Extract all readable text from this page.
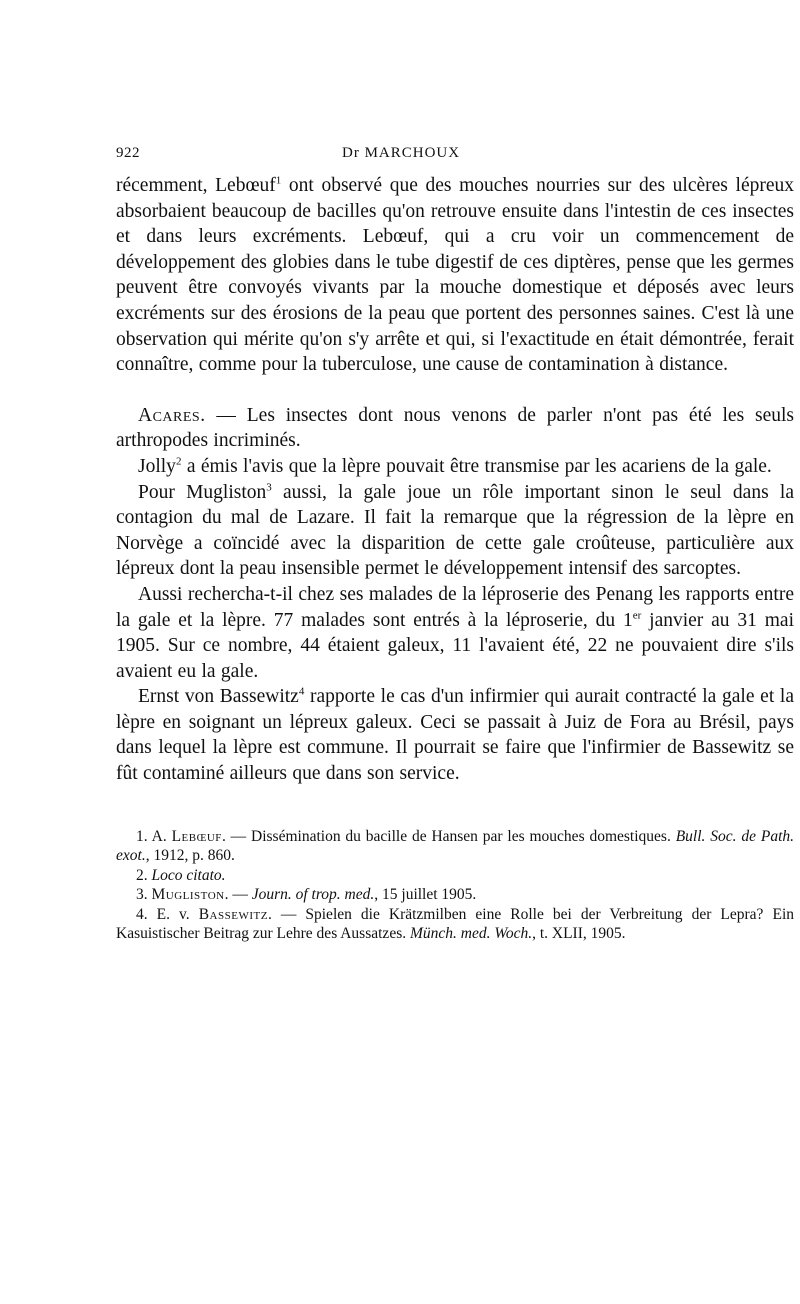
922	Dr MARCHOUX

récemment, Lebœuf$^1$ ont observé que des mouches nourries sur des ulcères lépreux absorbaient beaucoup de bacilles qu'on retrouve ensuite dans l'intestin de ces insectes et dans leurs excréments. Lebœuf, qui a cru voir un commencement de développement des globies dans le tube digestif de ces diptères, pense que les germes peuvent être convoyés vivants par la mouche domestique et déposés avec leurs excréments sur des érosions de la peau que portent des personnes saines. C'est là une observation qui mérite qu'on s'y arrête et qui, si l'exactitude en était démontrée, ferait connaître, comme pour la tuberculose, une cause de contamination à distance.

Acares. — Les insectes dont nous venons de parler n'ont pas été les seuls arthropodes incriminés.

Jolly$^2$ a émis l'avis que la lèpre pouvait être transmise par les acariens de la gale.

Pour Mugliston$^3$ aussi, la gale joue un rôle important sinon le seul dans la contagion du mal de Lazare. Il fait la remarque que la régression de la lèpre en Norvège a coïncidé avec la disparition de cette gale croûteuse, particulière aux lépreux dont la peau insensible permet le développement intensif des sarcoptes.

Aussi rechercha-t-il chez ses malades de la léproserie des Penang les rapports entre la gale et la lèpre. 77 malades sont entrés à la léproserie, du 1er janvier au 31 mai 1905. Sur ce nombre, 44 étaient galeux, 11 l'avaient été, 22 ne pouvaient dire s'ils avaient eu la gale.

Ernst von Bassewitz$^4$ rapporte le cas d'un infirmier qui aurait contracté la gale et la lèpre en soignant un lépreux galeux. Ceci se passait à Juiz de Fora au Brésil, pays dans lequel la lèpre est commune. Il pourrait se faire que l'infirmier de Bassewitz se fût contaminé ailleurs que dans son service.

1. A. Lebœuf. — Dissémination du bacille de Hansen par les mouches domestiques. Bull. Soc. de Path. exot., 1912, p. 860.

2. Loco citato.

3. Mugliston. — Journ. of trop. med., 15 juillet 1905.

4. E. v. Bassewitz. — Spielen die Krätzmilben eine Rolle bei der Verbreitung der Lepra? Ein Kasuistischer Beitrag zur Lehre des Aussatzes. Münch. med. Woch., t. XLII, 1905.
